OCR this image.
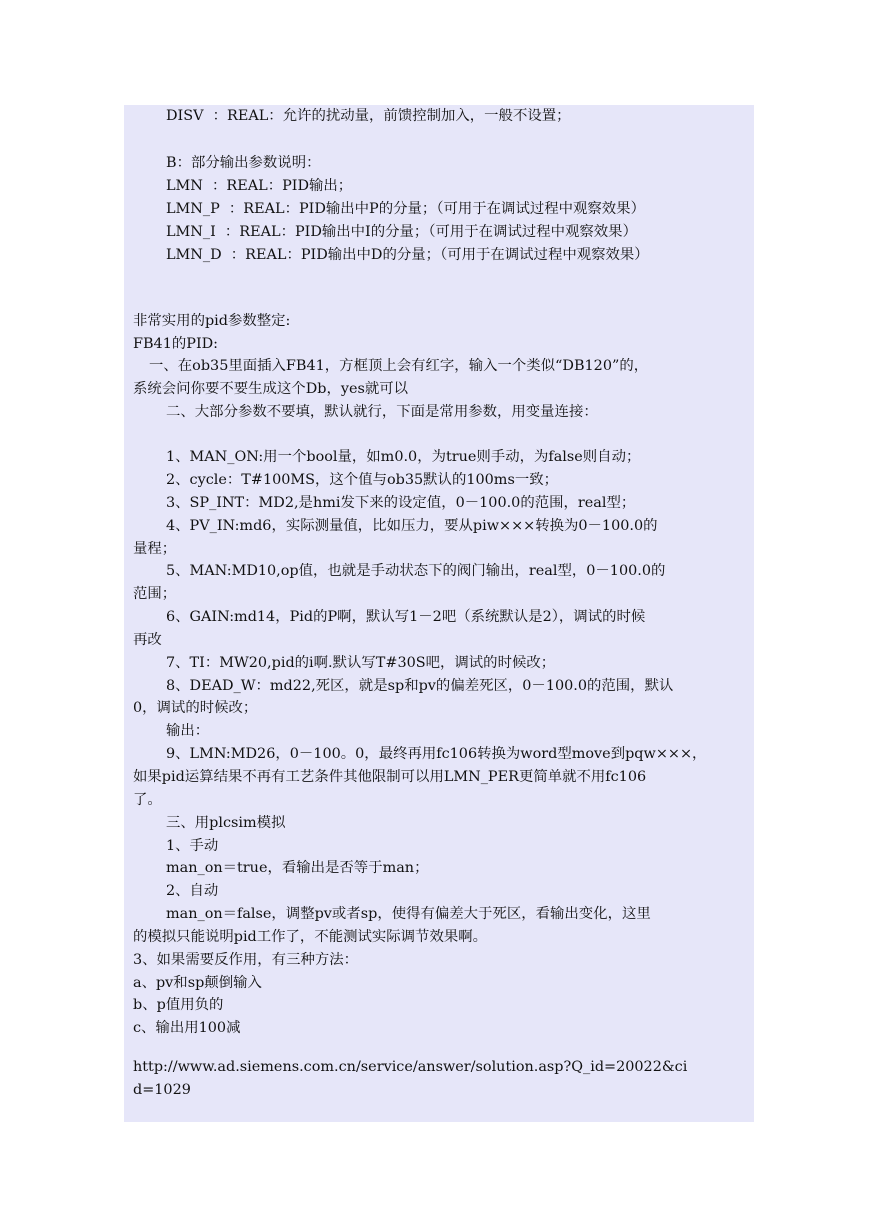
DISV  ：REAL：允许的扰动量，前馈控制加入，一般不设置；
B：部分输出参数说明：
LMN  ：REAL：PID输出；
LMN_P  ：REAL：PID输出中P的分量；（可用于在调试过程中观察效果）
LMN_I  ：REAL：PID输出中I的分量；（可用于在调试过程中观察效果）
LMN_D  ：REAL：PID输出中D的分量；（可用于在调试过程中观察效果）
非常实用的pid参数整定:
FB41的PID:
一、在ob35里面插入FB41，方框顶上会有红字，输入一个类似“DB120”的，
系统会问你要不要生成这个Db，yes就可以
二、大部分参数不要填，默认就行，下面是常用参数，用变量连接：
1、MAN_ON:用一个bool量，如m0.0，为true则手动，为false则自动；
2、cycle：T#100MS，这个值与ob35默认的100ms一致；
3、SP_INT：MD2,是hmi发下来的设定值，0－100.0的范围，real型；
4、PV_IN:md6，实际测量值，比如压力，要从piw×××转换为0－100.0的
量程；
5、MAN:MD10,op值，也就是手动状态下的阀门输出，real型，0－100.0的
范围；
6、GAIN:md14，Pid的P啊，默认写1－2吧（系统默认是2），调试的时候
再改
7、TI：MW20,pid的i啊.默认写T#30S吧，调试的时候改；
8、DEAD_W：md22,死区，就是sp和pv的偏差死区，0－100.0的范围，默认
0，调试的时候改；
输出：
9、LMN:MD26，0－100。0，最终再用fc106转换为word型move到pqw×××，
如果pid运算结果不再有工艺条件其他限制可以用LMN_PER更简单就不用fc106
了。
三、用plcsim模拟
1、手动
man_on＝true，看输出是否等于man；
2、自动
man_on＝false，调整pv或者sp，使得有偏差大于死区，看输出变化，这里
的模拟只能说明pid工作了，不能测试实际调节效果啊。
3、如果需要反作用，有三种方法：
a、pv和sp颠倒输入
b、p值用负的
c、输出用100减
http://www.ad.siemens.com.cn/service/answer/solution.asp?Q_id=20022&ci
d=1029
